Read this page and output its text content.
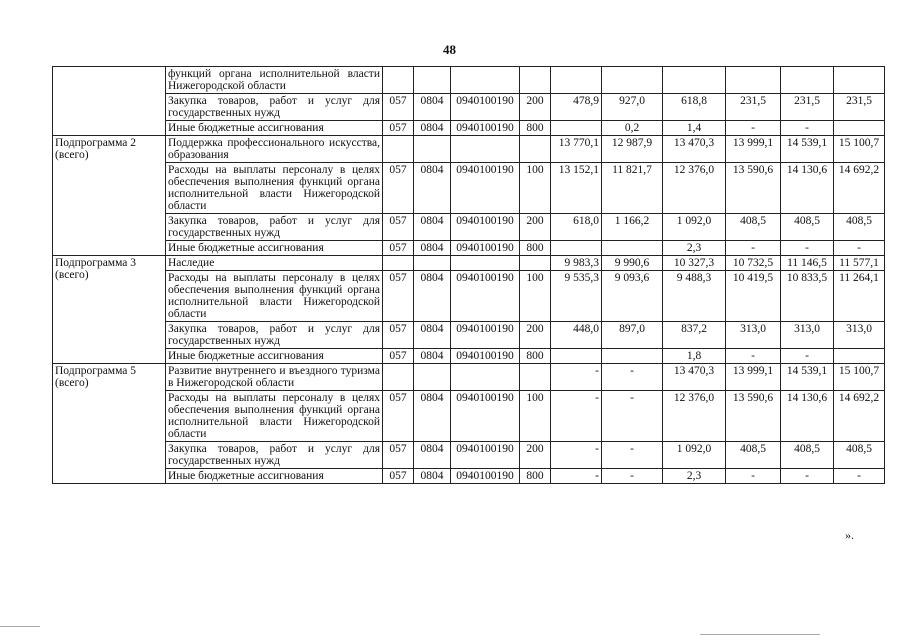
48
	функций органа исполнительной власти Нижегородской области										
	Закупка товаров, работ и услуг для государственных нужд	057	0804	0940100190	200	478,9	927,0	618,8	231,5	231,5	231,5
	Иные бюджетные ассигнования	057	0804	0940100190	800		0,2	1,4	-	-	
Подпрограмма 2 (всего)	Поддержка профессионального искусства, образования					13 770,1	12 987,9	13 470,3	13 999,1	14 539,1	15 100,7
	Расходы на выплаты персоналу в целях обеспечения выполнения функций органа исполнительной власти Нижегородской области	057	0804	0940100190	100	13 152,1	11 821,7	12 376,0	13 590,6	14 130,6	14 692,2
	Закупка товаров, работ и услуг для государственных нужд	057	0804	0940100190	200	618,0	1 166,2	1 092,0	408,5	408,5	408,5
	Иные бюджетные ассигнования	057	0804	0940100190	800			2,3	-	-	-
Подпрограмма 3 (всего)	Наследие					9 983,3	9 990,6	10 327,3	10 732,5	11 146,5	11 577,1
	Расходы на выплаты персоналу в целях обеспечения выполнения функций органа исполнительной власти Нижегородской области	057	0804	0940100190	100	9 535,3	9 093,6	9 488,3	10 419,5	10 833,5	11 264,1
	Закупка товаров, работ и услуг для государственных нужд	057	0804	0940100190	200	448,0	897,0	837,2	313,0	313,0	313,0
	Иные бюджетные ассигнования	057	0804	0940100190	800			1,8	-	-	
Подпрограмма 5 (всего)	Развитие внутреннего и въездного туризма в Нижегородской области					-	-	13 470,3	13 999,1	14 539,1	15 100,7
	Расходы на выплаты персоналу в целях обеспечения выполнения функций органа исполнительной власти Нижегородской области	057	0804	0940100190	100	-	-	12 376,0	13 590,6	14 130,6	14 692,2
	Закупка товаров, работ и услуг для государственных нужд	057	0804	0940100190	200	-	-	1 092,0	408,5	408,5	408,5
	Иные бюджетные ассигнования	057	0804	0940100190	800	-	-	2,3	-	-	-
».
